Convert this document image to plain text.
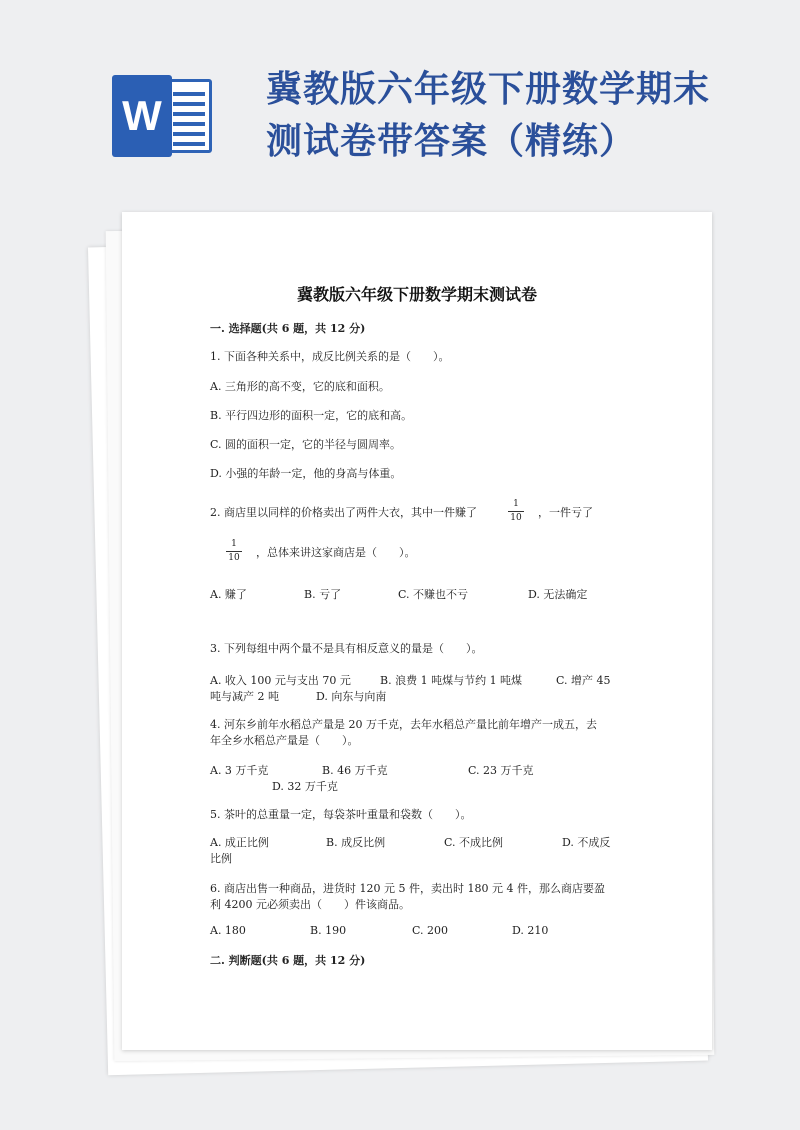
W
冀教版六年级下册数学期末测试卷带答案（精练）
冀教版六年级下册数学期末测试卷
一. 选择题(共 6 题，共 12 分)
1. 下面各种关系中，成反比例关系的是（　　）。
A. 三角形的高不变，它的底和面积。
B. 平行四边形的面积一定，它的底和高。
C. 圆的面积一定，它的半径与圆周率。
D. 小强的年龄一定，他的身高与体重。
2. 商店里以同样的价格卖出了两件大衣，其中一件赚了	$\frac{1}{10}$ ，一件亏了
$\frac{1}{10}$ ，总体来讲这家商店是（　　）。
A. 赚了	B. 亏了	C. 不赚也不亏	D. 无法确定
3. 下列每组中两个量不是具有相反意义的量是（　　）。
A. 收入 100 元与支出 70 元	B. 浪费 1 吨煤与节约 1 吨煤	C. 增产 45
吨与减产 2 吨	D. 向东与向南
4. 河东乡前年水稻总产量是 20 万千克，去年水稻总产量比前年增产一成五，去
年全乡水稻总产量是（　　）。
A. 3 万千克	B. 46 万千克	C. 23 万千克
D. 32 万千克
5. 茶叶的总重量一定，每袋茶叶重量和袋数（　　）。
A. 成正比例	B. 成反比例	C. 不成比例	D. 不成反
比例
6. 商店出售一种商品，进货时 120 元 5 件，卖出时 180 元 4 件，那么商店要盈
利 4200 元必须卖出（　　）件该商品。
A. 180	B. 190	C. 200	D. 210
二. 判断题(共 6 题，共 12 分)
